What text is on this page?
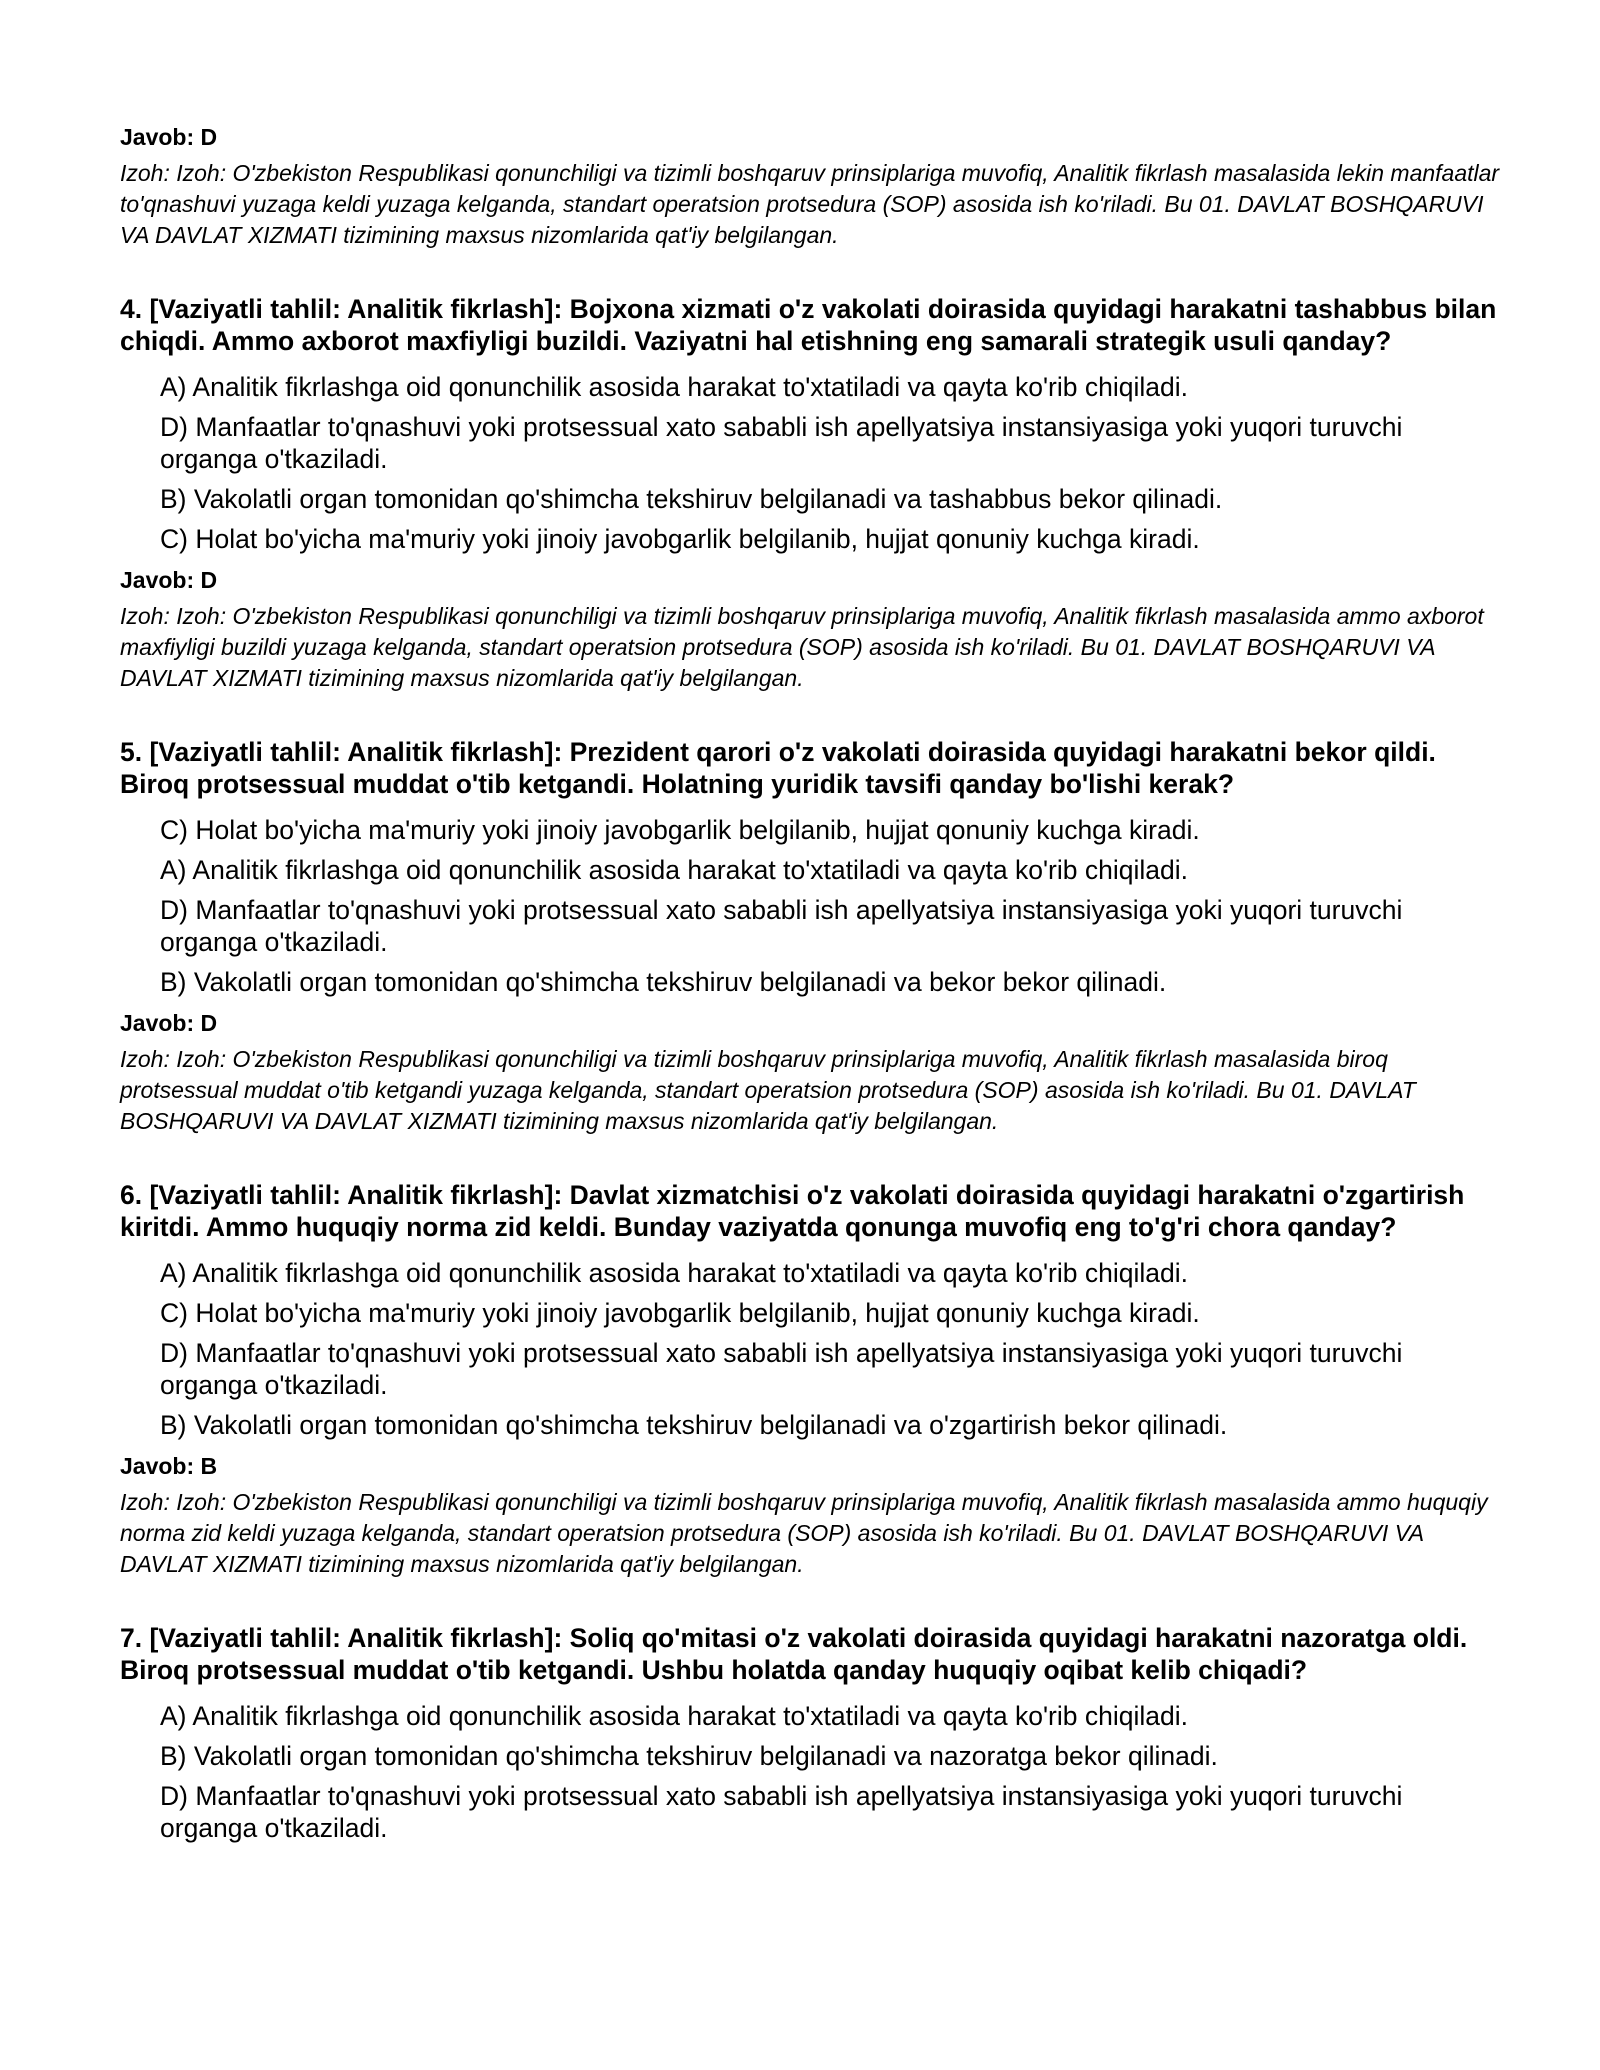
Javob: D

Izoh: Izoh: O'zbekiston Respublikasi qonunchiligi va tizimli boshqaruv prinsiplariga muvofiq, Analitik fikrlash masalasida lekin manfaatlar to'qnashuvi yuzaga keldi yuzaga kelganda, standart operatsion protsedura (SOP) asosida ish ko'riladi. Bu 01. DAVLAT BOSHQARUVI VA DAVLAT XIZMATI tizimining maxsus nizomlarida qat'iy belgilangan.

4. [Vaziyatli tahlil: Analitik fikrlash]: Bojxona xizmati o'z vakolati doirasida quyidagi harakatni tashabbus bilan chiqdi. Ammo axborot maxfiyligi buzildi. Vaziyatni hal etishning eng samarali strategik usuli qanday?

A) Analitik fikrlashga oid qonunchilik asosida harakat to'xtatiladi va qayta ko'rib chiqiladi.
D) Manfaatlar to'qnashuvi yoki protsessual xato sababli ish apellyatsiya instansiyasiga yoki yuqori turuvchi organga o'tkaziladi.
B) Vakolatli organ tomonidan qo'shimcha tekshiruv belgilanadi va tashabbus bekor qilinadi.
C) Holat bo'yicha ma'muriy yoki jinoiy javobgarlik belgilanib, hujjat qonuniy kuchga kiradi.

Javob: D

Izoh: Izoh: O'zbekiston Respublikasi qonunchiligi va tizimli boshqaruv prinsiplariga muvofiq, Analitik fikrlash masalasida ammo axborot maxfiyligi buzildi yuzaga kelganda, standart operatsion protsedura (SOP) asosida ish ko'riladi. Bu 01. DAVLAT BOSHQARUVI VA DAVLAT XIZMATI tizimining maxsus nizomlarida qat'iy belgilangan.

5. [Vaziyatli tahlil: Analitik fikrlash]: Prezident qarori o'z vakolati doirasida quyidagi harakatni bekor qildi. Biroq protsessual muddat o'tib ketgandi. Holatning yuridik tavsifi qanday bo'lishi kerak?

C) Holat bo'yicha ma'muriy yoki jinoiy javobgarlik belgilanib, hujjat qonuniy kuchga kiradi.
A) Analitik fikrlashga oid qonunchilik asosida harakat to'xtatiladi va qayta ko'rib chiqiladi.
D) Manfaatlar to'qnashuvi yoki protsessual xato sababli ish apellyatsiya instansiyasiga yoki yuqori turuvchi organga o'tkaziladi.
B) Vakolatli organ tomonidan qo'shimcha tekshiruv belgilanadi va bekor bekor qilinadi.

Javob: D

Izoh: Izoh: O'zbekiston Respublikasi qonunchiligi va tizimli boshqaruv prinsiplariga muvofiq, Analitik fikrlash masalasida biroq protsessual muddat o'tib ketgandi yuzaga kelganda, standart operatsion protsedura (SOP) asosida ish ko'riladi. Bu 01. DAVLAT BOSHQARUVI VA DAVLAT XIZMATI tizimining maxsus nizomlarida qat'iy belgilangan.

6. [Vaziyatli tahlil: Analitik fikrlash]: Davlat xizmatchisi o'z vakolati doirasida quyidagi harakatni o'zgartirish kiritdi. Ammo huquqiy norma zid keldi. Bunday vaziyatda qonunga muvofiq eng to'g'ri chora qanday?

A) Analitik fikrlashga oid qonunchilik asosida harakat to'xtatiladi va qayta ko'rib chiqiladi.
C) Holat bo'yicha ma'muriy yoki jinoiy javobgarlik belgilanib, hujjat qonuniy kuchga kiradi.
D) Manfaatlar to'qnashuvi yoki protsessual xato sababli ish apellyatsiya instansiyasiga yoki yuqori turuvchi organga o'tkaziladi.
B) Vakolatli organ tomonidan qo'shimcha tekshiruv belgilanadi va o'zgartirish bekor qilinadi.

Javob: B

Izoh: Izoh: O'zbekiston Respublikasi qonunchiligi va tizimli boshqaruv prinsiplariga muvofiq, Analitik fikrlash masalasida ammo huquqiy norma zid keldi yuzaga kelganda, standart operatsion protsedura (SOP) asosida ish ko'riladi. Bu 01. DAVLAT BOSHQARUVI VA DAVLAT XIZMATI tizimining maxsus nizomlarida qat'iy belgilangan.

7. [Vaziyatli tahlil: Analitik fikrlash]: Soliq qo'mitasi o'z vakolati doirasida quyidagi harakatni nazoratga oldi. Biroq protsessual muddat o'tib ketgandi. Ushbu holatda qanday huquqiy oqibat kelib chiqadi?

A) Analitik fikrlashga oid qonunchilik asosida harakat to'xtatiladi va qayta ko'rib chiqiladi.
B) Vakolatli organ tomonidan qo'shimcha tekshiruv belgilanadi va nazoratga bekor qilinadi.
D) Manfaatlar to'qnashuvi yoki protsessual xato sababli ish apellyatsiya instansiyasiga yoki yuqori turuvchi organga o'tkaziladi.
